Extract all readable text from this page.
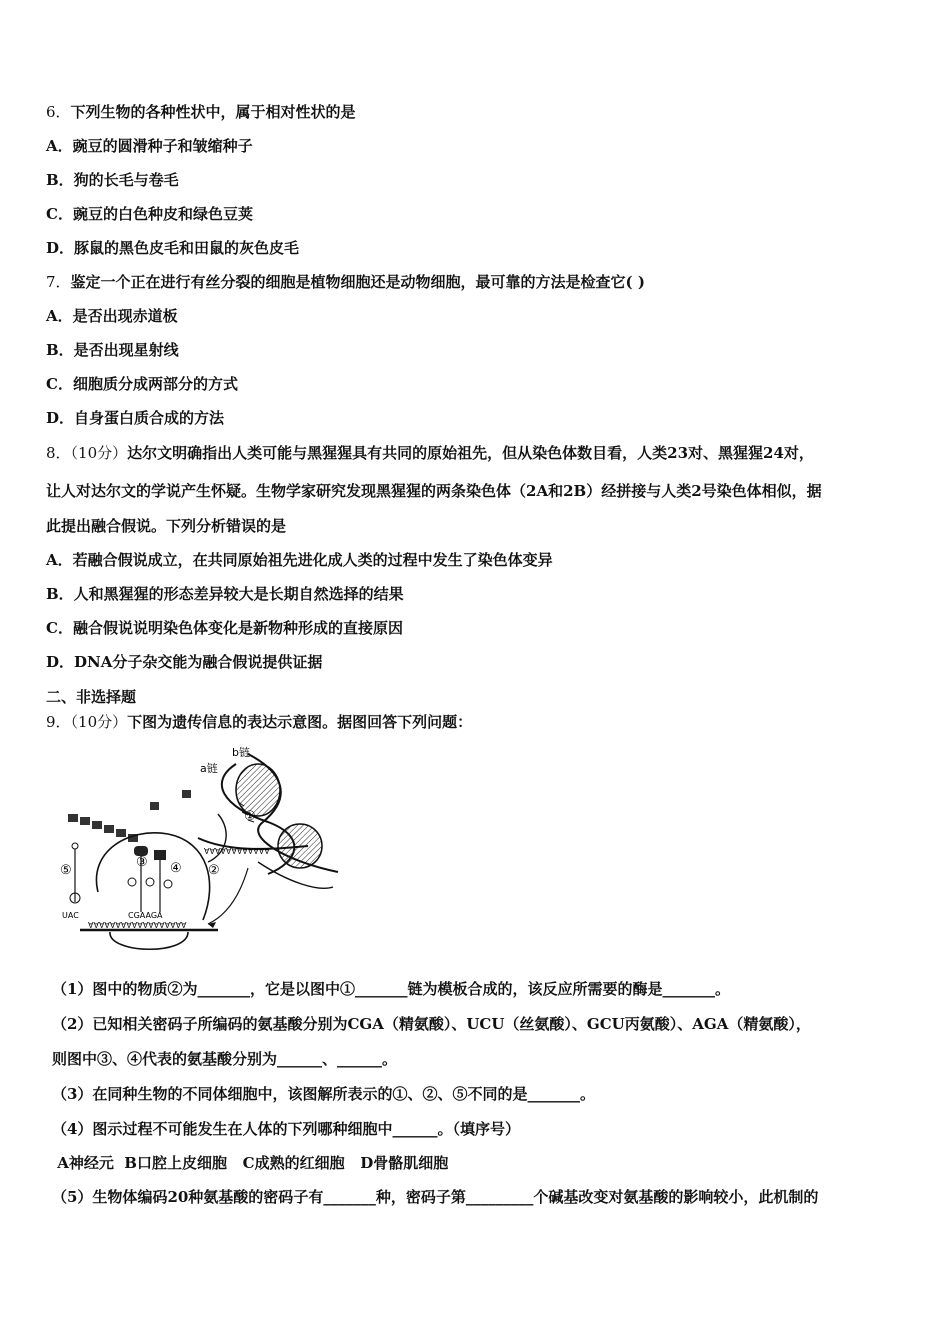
6．下列生物的各种性状中，属于相对性状的是
A．豌豆的圆滑种子和皱缩种子
B．狗的长毛与卷毛
C．豌豆的白色种皮和绿色豆荚
D．豚鼠的黑色皮毛和田鼠的灰色皮毛
7．鉴定一个正在进行有丝分裂的细胞是植物细胞还是动物细胞，最可靠的方法是检查它( )
A．是否出现赤道板
B．是否出现星射线
C．细胞质分成两部分的方式
D．自身蛋白质合成的方法
8．（10分）达尔文明确指出人类可能与黑猩猩具有共同的原始祖先，但从染色体数目看，人类23对、黑猩猩24对，
让人对达尔文的学说产生怀疑。生物学家研究发现黑猩猩的两条染色体（2A和2B）经拼接与人类2号染色体相似，据
此提出融合假说。下列分析错误的是
A．若融合假说成立，在共同原始祖先进化成人类的过程中发生了染色体变异
B．人和黑猩猩的形态差异较大是长期自然选择的结果
C．融合假说说明染色体变化是新物种形成的直接原因
D．DNA分子杂交能为融合假说提供证据
二、非选择题
9．（10分）下图为遗传信息的表达示意图。据图回答下列问题：
b链
a链
①
∀∀∀∀∀∀∀∀∀∀∀∀
②
⑤
③ ④
UAC	CGAAGA
∀∀∀∀∀∀∀∀∀∀∀∀∀∀∀∀∀∀
（1）图中的物质②为_______，它是以图中①_______链为模板合成的，该反应所需要的酶是_______。
（2）已知相关密码子所编码的氨基酸分别为CGA（精氨酸）、UCU（丝氨酸）、GCU丙氨酸）、AGA（精氨酸），
则图中③、④代表的氨基酸分别为______、______。
（3）在同种生物的不同体细胞中，该图解所表示的①、②、⑤不同的是_______。
（4）图示过程不可能发生在人体的下列哪种细胞中______。（填序号）
A神经元  B口腔上皮细胞   C成熟的红细胞   D骨骼肌细胞
（5）生物体编码20种氨基酸的密码子有_______种，密码子第_________个碱基改变对氨基酸的影响较小，此机制的
